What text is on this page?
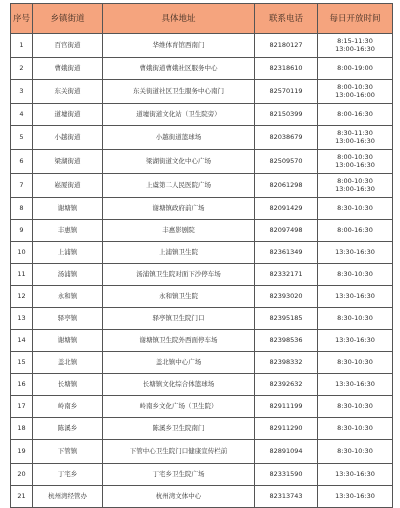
序号	乡镇街道	具体地址	联系电话	每日开放时间
1	百官街道	华维体育馆西南门	82180127	8:15-11:30
13:00-16:30

2	曹娥街道	曹娥街道曹娥社区服务中心	82318610	8:00-19:00

3	东关街道	东关街道社区卫生服务中心南门	82570119	8:00-10:30
13:00-16:00

4	道墟街道	道墟街道文化站（卫生院旁）	82150399	8:00-16:30

5	小越街道	小越街道篮球场	82038679	8:30-11:30
13:00-16:30

6	梁湖街道	梁湖街道文化中心广场	82509570	8:00-10:30
13:00-16:30

7	崧厦街道	上虞第二人民医院广场	82061298	8:00-10:30
13:00-16:30

8	谢塘镇	谢塘镇政府前广场	82091429	8:30-10:30

9	丰惠镇	丰惠影剧院	82097498	8:00-16:30

10	上浦镇	上浦镇卫生院	82361349	13:30-16:30

11	汤浦镇	汤浦镇卫生院对面下沙停车场	82332171	8:30-10:30

12	永和镇	永和镇卫生院	82393020	13:30-16:30

13	驿亭镇	驿亭镇卫生院门口	82395185	8:30-10:30

14	谢塘镇	谢塘镇卫生院外西面停车场	82398536	13:30-16:30

15	盖北镇	盖北镇中心广场	82398332	8:30-10:30

16	长塘镇	长塘镇文化综合体篮球场	82392632	13:30-16:30

17	岭南乡	岭南乡文化广场（卫生院）	82911199	8:30-10:30

18	陈溪乡	陈溪乡卫生院南门	82911290	8:30-10:30

19	下管镇	下管中心卫生院门口健康宣传栏前	82891094	8:30-10:30

20	丁宅乡	丁宅乡卫生院广场	82331590	13:30-16:30

21	杭州湾经管办	杭州湾文体中心	82313743	13:30-16:30
